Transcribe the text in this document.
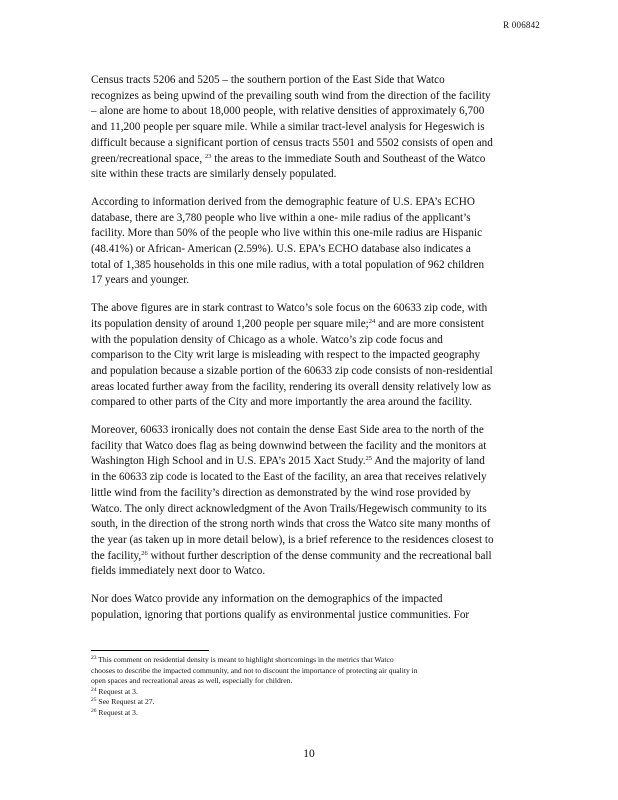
R 006842

Census tracts 5206 and 5205 – the southern portion of the East Side that Watco
recognizes as being upwind of the prevailing south wind from the direction of the facility
– alone are home to about 18,000 people, with relative densities of approximately 6,700
and 11,200 people per square mile. While a similar tract-level analysis for Hegeswich is
difficult because a significant portion of census tracts 5501 and 5502 consists of open and
green/recreational space, $^{23}$ the areas to the immediate South and Southeast of the Watco
site within these tracts are similarly densely populated.

According to information derived from the demographic feature of U.S. EPA’s ECHO
database, there are 3,780 people who live within a one- mile radius of the applicant’s
facility. More than 50% of the people who live within this one-mile radius are Hispanic
(48.41%) or African- American (2.59%). U.S. EPA’s ECHO database also indicates a
total of 1,385 households in this one mile radius, with a total population of 962 children
17 years and younger.

The above figures are in stark contrast to Watco’s sole focus on the 60633 zip code, with
its population density of around 1,200 people per square mile;$^{24}$ and are more consistent
with the population density of Chicago as a whole. Watco’s zip code focus and
comparison to the City writ large is misleading with respect to the impacted geography
and population because a sizable portion of the 60633 zip code consists of non-residential
areas located further away from the facility, rendering its overall density relatively low as
compared to other parts of the City and more importantly the area around the facility.

Moreover, 60633 ironically does not contain the dense East Side area to the north of the
facility that Watco does flag as being downwind between the facility and the monitors at
Washington High School and in U.S. EPA’s 2015 Xact Study.$^{25}$ And the majority of land
in the 60633 zip code is located to the East of the facility, an area that receives relatively
little wind from the facility’s direction as demonstrated by the wind rose provided by
Watco. The only direct acknowledgment of the Avon Trails/Hegewisch community to its
south, in the direction of the strong north winds that cross the Watco site many months of
the year (as taken up in more detail below), is a brief reference to the residences closest to
the facility,$^{26}$ without further description of the dense community and the recreational ball
fields immediately next door to Watco.

Nor does Watco provide any information on the demographics of the impacted
population, ignoring that portions qualify as environmental justice communities. For

$^{23}$ This comment on residential density is meant to highlight shortcomings in the metrics that Watco
chooses to describe the impacted community, and not to discount the importance of protecting air quality in
open spaces and recreational areas as well, especially for children.
$^{24}$ Request at 3.
$^{25}$ See Request at 27.
$^{26}$ Request at 3.
10
